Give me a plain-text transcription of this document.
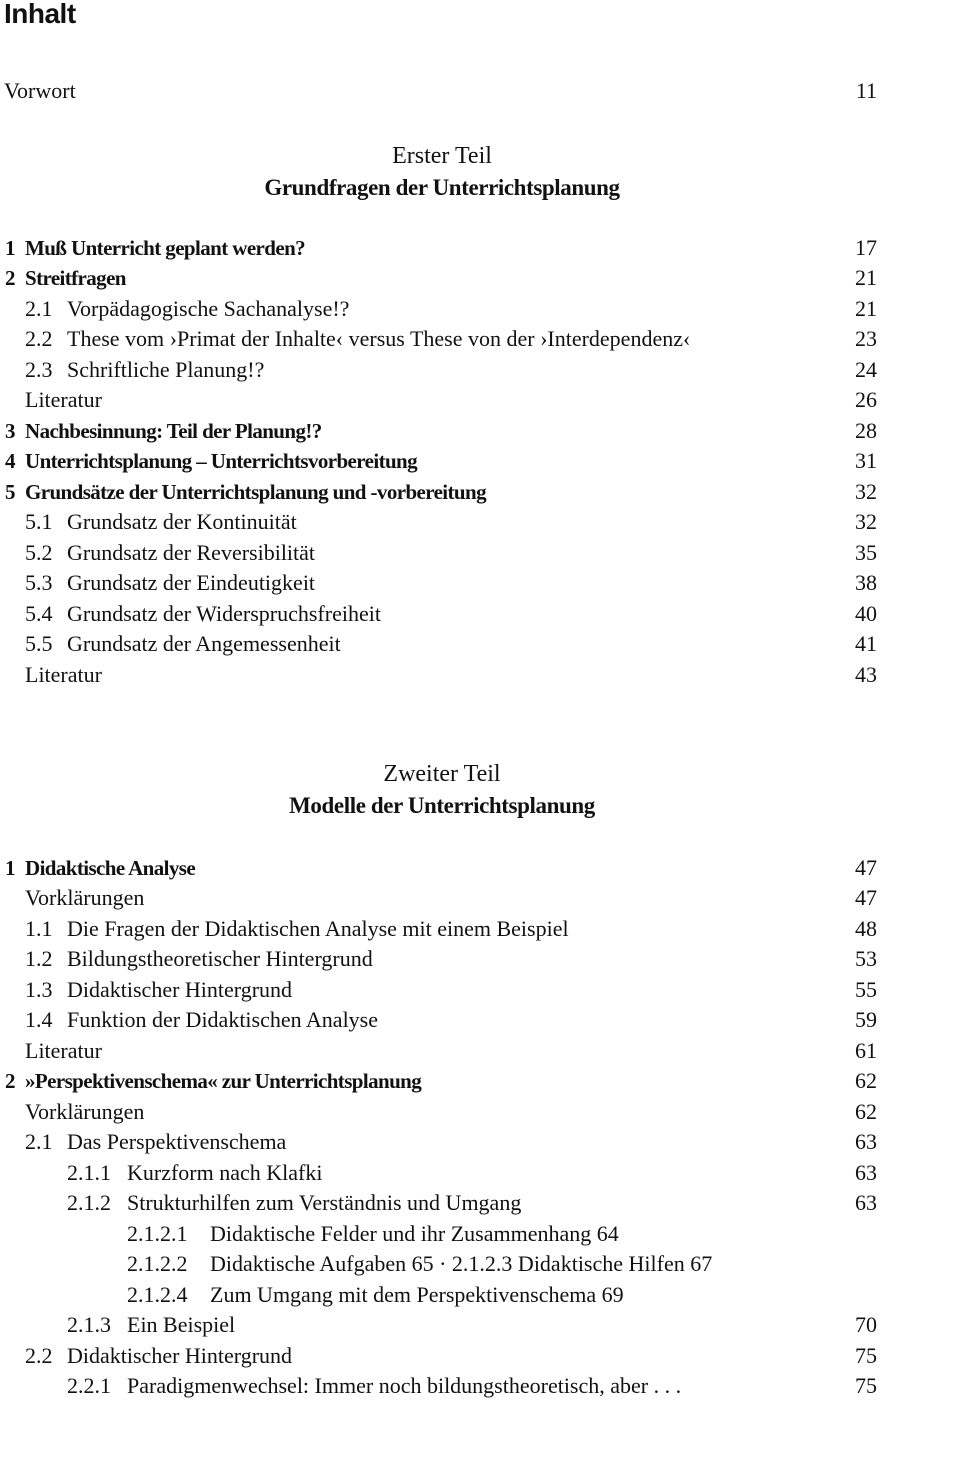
Inhalt
Vorwort	11
Erster Teil
Grundfragen der Unterrichtsplanung
1 Muß Unterricht geplant werden?	17
2 Streitfragen	21
2.1 Vorpädagogische Sachanalyse!?	21
2.2 These vom ›Primat der Inhalte‹ versus These von der ›Interdependenz‹	23
2.3 Schriftliche Planung!?	24
Literatur	26
3 Nachbesinnung: Teil der Planung!?	28
4 Unterrichtsplanung – Unterrichtsvorbereitung	31
5 Grundsätze der Unterrichtsplanung und -vorbereitung	32
5.1 Grundsatz der Kontinuität	32
5.2 Grundsatz der Reversibilität	35
5.3 Grundsatz der Eindeutigkeit	38
5.4 Grundsatz der Widerspruchsfreiheit	40
5.5 Grundsatz der Angemessenheit	41
Literatur	43
Zweiter Teil
Modelle der Unterrichtsplanung
1 Didaktische Analyse	47
Vorklärungen	47
1.1 Die Fragen der Didaktischen Analyse mit einem Beispiel	48
1.2 Bildungstheoretischer Hintergrund	53
1.3 Didaktischer Hintergrund	55
1.4 Funktion der Didaktischen Analyse	59
Literatur	61
2 »Perspektivenschema« zur Unterrichtsplanung	62
Vorklärungen	62
2.1 Das Perspektivenschema	63
2.1.1 Kurzform nach Klafki	63
2.1.2 Strukturhilfen zum Verständnis und Umgang	63
2.1.2.1 Didaktische Felder und ihr Zusammenhang 64
2.1.2.2 Didaktische Aufgaben 65 · 2.1.2.3 Didaktische Hilfen 67
2.1.2.4 Zum Umgang mit dem Perspektivenschema 69
2.1.3 Ein Beispiel	70
2.2 Didaktischer Hintergrund	75
2.2.1 Paradigmenwechsel: Immer noch bildungstheoretisch, aber . . .	75
